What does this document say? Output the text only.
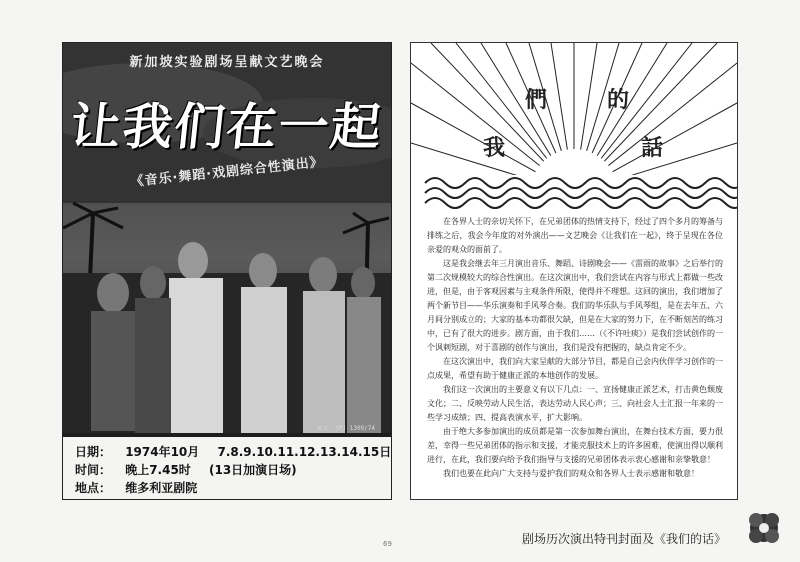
新加坡实验剧场呈献文艺晚会
让我们在一起
《音乐·舞蹈·戏剧综合性演出》
H.C. (P) 1309/74
日期： 1974年10月 7.8.9.10.11.12.13.14.15日
时间： 晚上7.45时 (13日加演日场)
地点： 维多利亚剧院
我
們	的
話

在各界人士的亲切关怀下，在兄弟团体的热情支持下，经过了四个多月的筹备与排练之后，我会今年度的对外演出——文艺晚会《让我们在一起》，终于呈现在各位亲爱的观众的面前了。

这是我会继去年三月演出音乐、舞蹈、诗剧晚会——《雷雨的故事》之后举行的第二次规模较大的综合性演出。在这次演出中，我们尝试在内容与形式上都做一些改进，但是，由于客观因素与主观条件所限，使得并不理想。这回的演出，我们增加了两个新节目——华乐演奏和手风琴合奏。我们的华乐队与手风琴组，是在去年五、六月间分别成立的；大家的基本功都很欠缺，但是在大家的努力下，在不断刻苦的练习中，已有了很大的进步。剧方面，由于我们……（《不许吐痰》）是我们尝试创作的一个讽刺短剧，对于喜剧的创作与演出，我们是没有把握的，缺点肯定不少。

在这次演出中，我们向大家呈献的大部分节目，都是自己会内伙伴学习创作的一点成果，希望有助于健康正派的本地创作的发展。

我们这一次演出的主要意义有以下几点：一、宣扬健康正派艺术，打击黄色颓废文化；二、反映劳动人民生活，表达劳动人民心声；三、向社会人士汇报一年来的一些学习成绩；四、提高表演水平，扩大影响。

由于绝大多参加演出的成员都是第一次参加舞台演出，在舞台技术方面，要力很差，幸得一些兄弟团体的指示和支援，才能克服技术上的许多困难，使演出得以顺利进行，在此，我们要向给予我们指导与支援的兄弟团体表示衷心感谢和亲挚敬意！

我们也要在此向广大支持与爱护我们的观众和各界人士表示感谢和敬意！

69	剧场历次演出特刊封面及《我们的话》
